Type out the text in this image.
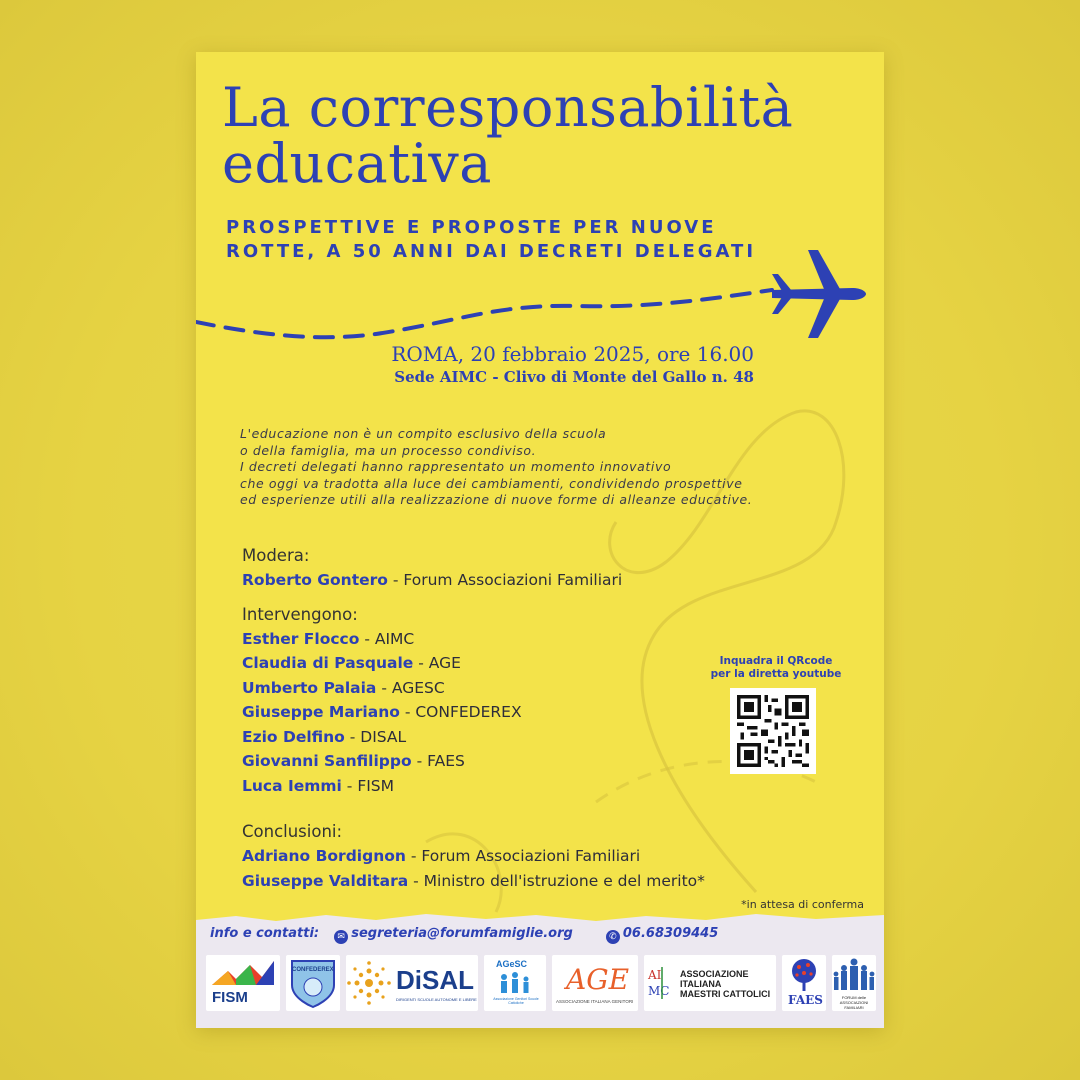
La corresponsabilità
educativa
PROSPETTIVE E PROPOSTE PER NUOVE
ROTTE, A 50 ANNI DAI DECRETI DELEGATI
ROMA, 20 febbraio 2025, ore 16.00
Sede AIMC - Clivo di Monte del Gallo n. 48
L'educazione non è un compito esclusivo della scuola
o della famiglia, ma un processo condiviso.
I decreti delegati hanno rappresentato un momento innovativo
che oggi va tradotta alla luce dei cambiamenti, condividendo prospettive
ed esperienze utili alla realizzazione di nuove forme di alleanze educative.
Modera:
Roberto Gontero - Forum Associazioni Familiari
Intervengono:
Esther Flocco - AIMC
Claudia di Pasquale - AGE
Umberto Palaia - AGESC
Giuseppe Mariano - CONFEDEREX
Ezio Delfino - DISAL
Giovanni Sanfilippo - FAES
Luca Iemmi - FISM
Conclusioni:
Adriano Bordignon - Forum Associazioni Familiari
Giuseppe Valditara - Ministro dell'istruzione e del merito*
Inquadra il QRcode
per la diretta youtube
*in attesa di conferma
info e contatti: ✉ segreteria@forumfamiglie.org	✆ 06.68309445
FISM
CONFEDEREX DiSAL
DIRIGENTI SCUOLE AUTONOME E LIBERE
AGeSC
Associazione Genitori Scuole Cattoliche
AGE
ASSOCIAZIONE ITALIANA GENITORI
AI
MC
ASSOCIAZIONE
ITALIANA
MAESTRI CATTOLICI FAES	FORUM delle ASSOCIAZIONI FAMILIARI
